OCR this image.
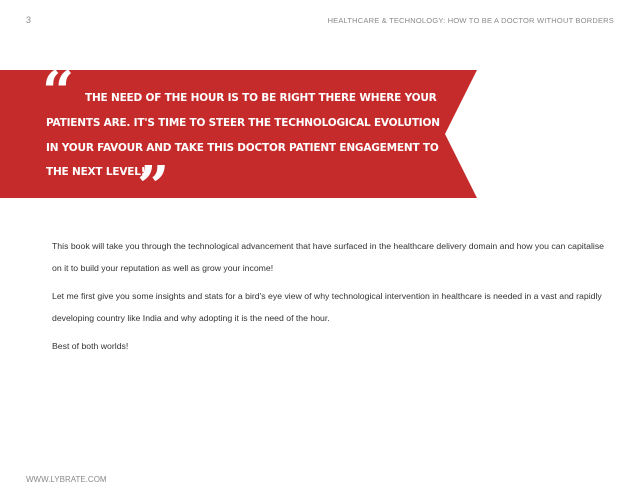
3	HEALTHCARE & TECHNOLOGY: HOW TO BE A DOCTOR WITHOUT BORDERS
“
”
THE NEED OF THE HOUR IS TO BE RIGHT THERE WHERE YOUR
PATIENTS ARE. IT'S TIME TO STEER THE TECHNOLOGICAL EVOLUTION
IN YOUR FAVOUR AND TAKE THIS DOCTOR PATIENT ENGAGEMENT TO
THE NEXT LEVEL!
This book will take you through the technological advancement that have surfaced in the healthcare delivery domain and how you can capitalise on it to build your reputation as well as grow your income!
Let me first give you some insights and stats for a bird's eye view of why technological intervention in healthcare is needed in a vast and rapidly developing country like India and why adopting it is the need of the hour.
Best of both worlds!
WWW.LYBRATE.COM
